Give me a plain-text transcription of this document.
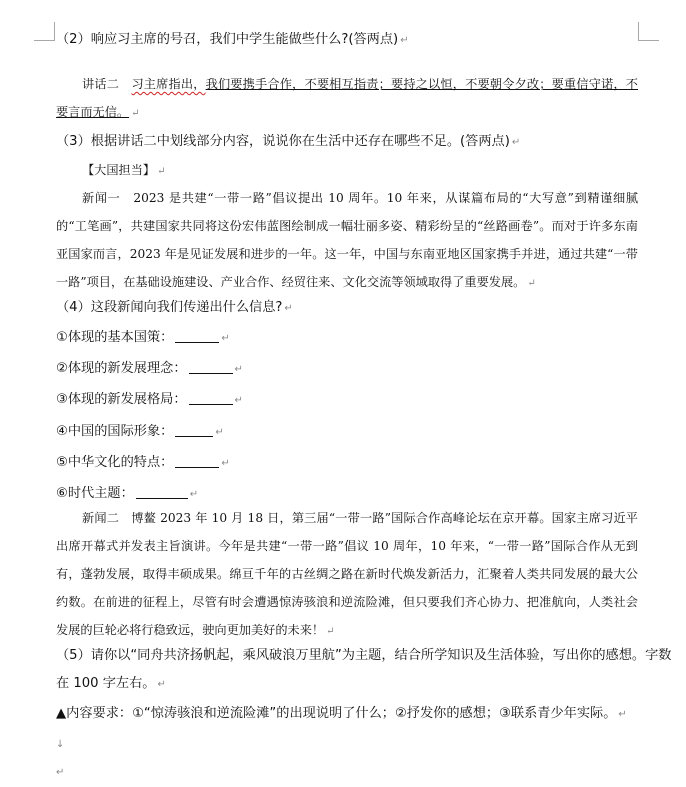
（2）响应习主席的号召，我们中学生能做些什么?(答两点) ↵
讲话二　 习主席指出，我们要携手合作，不要相互指责；要持之以恒，不要朝令夕改；要重信守诺，不要言而无信。 ↵
（3）根据讲话二中划线部分内容，说说你在生活中还存在哪些不足。(答两点) ↵
【大国担当】 ↵
新闻一　 2023 是共建“一带一路”倡议提出 10 周年。10 年来，从谋篇布局的“大写意”到精谨细腻的“工笔画”，共建国家共同将这份宏伟蓝图绘制成一幅壮丽多姿、精彩纷呈的“丝路画卷”。而对于许多东南亚国家而言，2023 年是见证发展和进步的一年。这一年，中国与东南亚地区国家携手并进，通过共建“一带一路”项目，在基础设施建设、产业合作、经贸往来、文化交流等领域取得了重要发展。 ↵
（4）这段新闻向我们传递出什么信息? ↵
①体现的基本国策：	↵
②体现的新发展理念：	↵
③体现的新发展格局：	↵
④中国的国际形象：	↵
⑤中华文化的特点：	↵
⑥时代主题：	↵
新闻二　 博鳌 2023 年 10 月 18 日，第三届“一带一路”国际合作高峰论坛在京开幕。国家主席习近平出席开幕式并发表主旨演讲。今年是共建“一带一路”倡议 10 周年，10 年来，“一带一路”国际合作从无到有，蓬勃发展，取得丰硕成果。绵亘千年的古丝绸之路在新时代焕发新活力，汇聚着人类共同发展的最大公约数。在前进的征程上，尽管有时会遭遇惊涛骇浪和逆流险滩，但只要我们齐心协力、把准航向，人类社会发展的巨轮必将行稳致远，驶向更加美好的未来！ ↵
（5）请你以“同舟共济扬帆起，乘风破浪万里航”为主题，结合所学知识及生活体验，写出你的感想。字数
在 100 字左右。 ↵
▲内容要求：①“惊涛骇浪和逆流险滩”的出现说明了什么；②抒发你的感想；③联系青少年实际。 ↵
↓
↵
